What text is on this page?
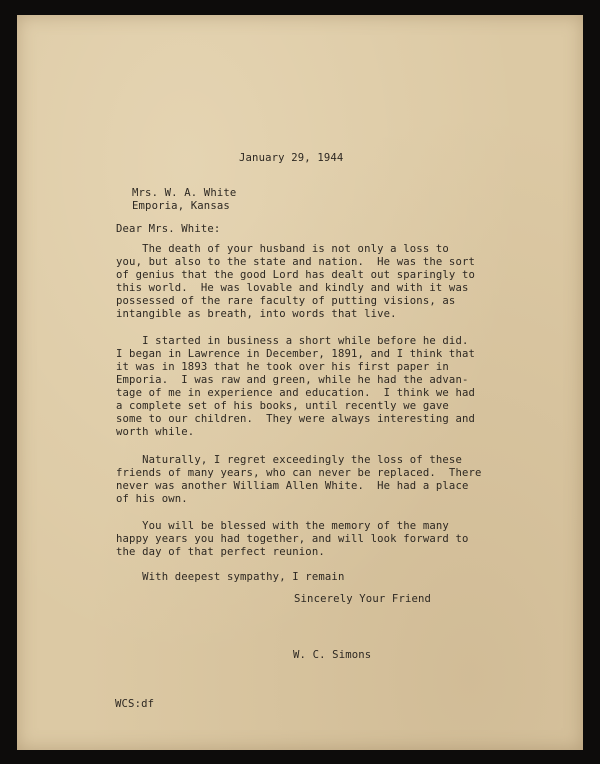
January 29, 1944
Mrs. W. A. White
Emporia, Kansas
Dear Mrs. White:
The death of your husband is not only a loss to
you, but also to the state and nation.  He was the sort
of genius that the good Lord has dealt out sparingly to
this world.  He was lovable and kindly and with it was
possessed of the rare faculty of putting visions, as
intangible as breath, into words that live.
I started in business a short while before he did.
I began in Lawrence in December, 1891, and I think that
it was in 1893 that he took over his first paper in
Emporia.  I was raw and green, while he had the advan-
tage of me in experience and education.  I think we had
a complete set of his books, until recently we gave
some to our children.  They were always interesting and
worth while.
Naturally, I regret exceedingly the loss of these
friends of many years, who can never be replaced.  There
never was another William Allen White.  He had a place
of his own.
You will be blessed with the memory of the many
happy years you had together, and will look forward to
the day of that perfect reunion.
With deepest sympathy, I remain
Sincerely Your Friend
W. C. Simons
WCS:df
